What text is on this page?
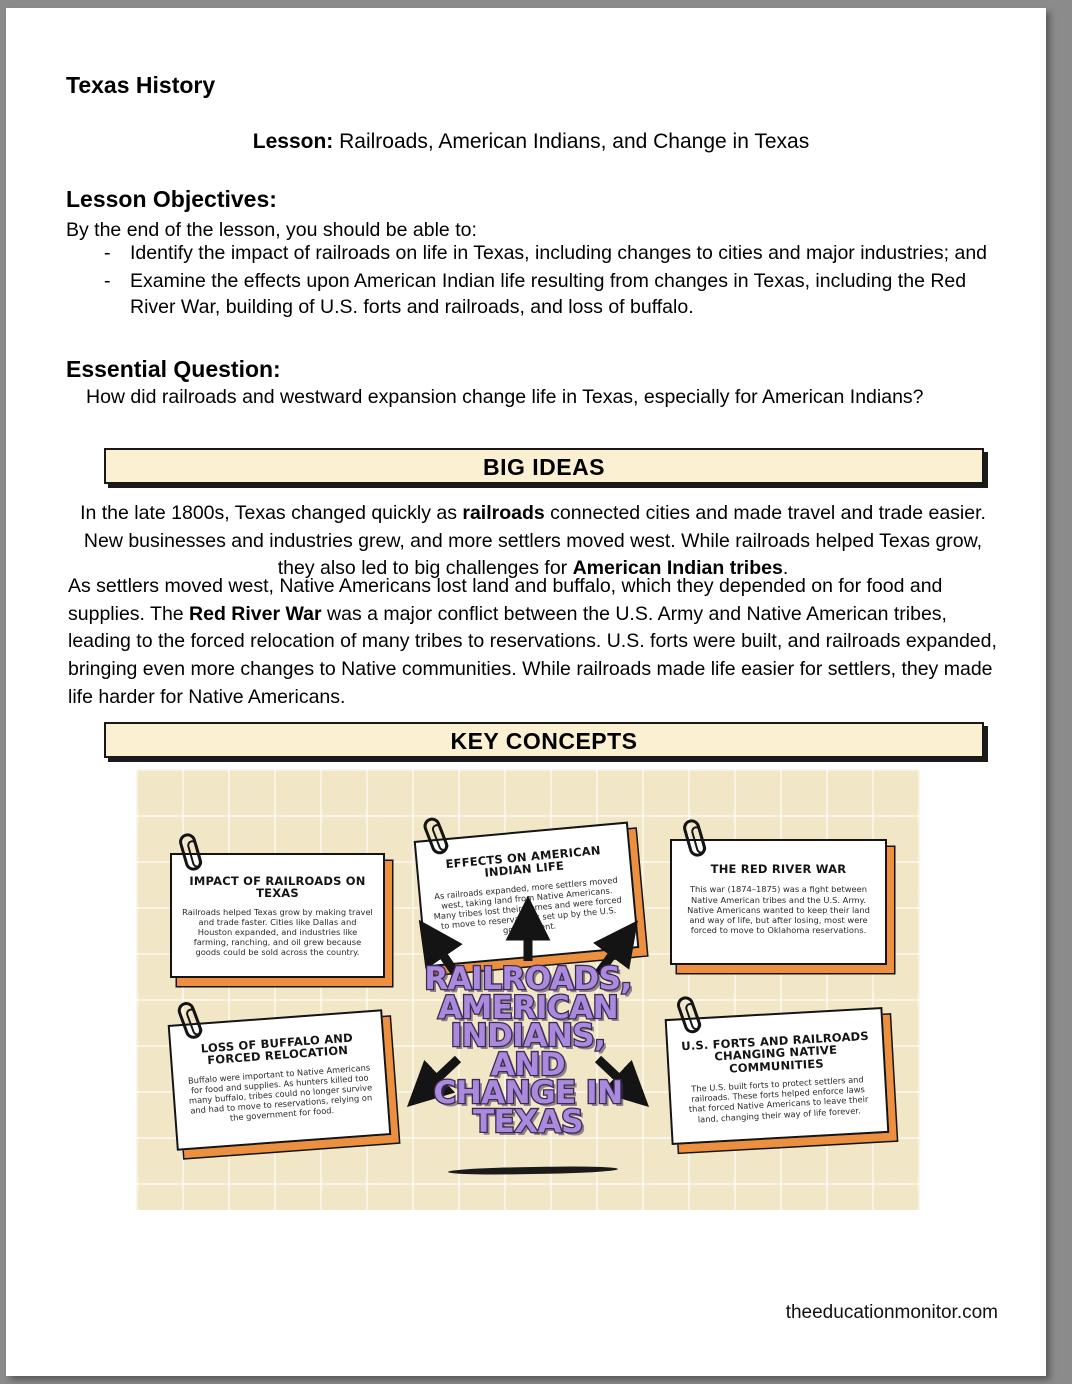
Texas History
Lesson: Railroads, American Indians, and Change in Texas
Lesson Objectives:
By the end of the lesson, you should be able to:
- Identify the impact of railroads on life in Texas, including changes to cities and major industries; and
- Examine the effects upon American Indian life resulting from changes in Texas, including the Red River War, building of U.S. forts and railroads, and loss of buffalo.
Essential Question:
How did railroads and westward expansion change life in Texas, especially for American Indians?
BIG IDEAS
In the late 1800s, Texas changed quickly as railroads connected cities and made travel and trade easier. New businesses and industries grew, and more settlers moved west. While railroads helped Texas grow, they also led to big challenges for American Indian tribes.
As settlers moved west, Native Americans lost land and buffalo, which they depended on for food and supplies. The Red River War was a major conflict between the U.S. Army and Native American tribes, leading to the forced relocation of many tribes to reservations. U.S. forts were built, and railroads expanded, bringing even more changes to Native communities. While railroads made life easier for settlers, they made life harder for Native Americans.
KEY CONCEPTS
IMPACT OF RAILROADS ON TEXAS
Railroads helped Texas grow by making travel and trade faster. Cities like Dallas and Houston expanded, and industries like farming, ranching, and oil grew because goods could be sold across the country.
EFFECTS ON AMERICAN INDIAN LIFE
As railroads expanded, more settlers moved west, taking land from Native Americans. Many tribes lost their homes and were forced to move to reservations set up by the U.S. government.
THE RED RIVER WAR
This war (1874–1875) was a fight between Native American tribes and the U.S. Army. Native Americans wanted to keep their land and way of life, but after losing, most were forced to move to Oklahoma reservations.
LOSS OF BUFFALO AND FORCED RELOCATION
Buffalo were important to Native Americans for food and supplies. As hunters killed too many buffalo, tribes could no longer survive and had to move to reservations, relying on the government for food.
U.S. FORTS AND RAILROADS CHANGING NATIVE COMMUNITIES
The U.S. built forts to protect settlers and railroads. These forts helped enforce laws that forced Native Americans to leave their land, changing their way of life forever.
RAILROADS, AMERICAN INDIANS, AND CHANGE IN TEXAS
theeducationmonitor.com
